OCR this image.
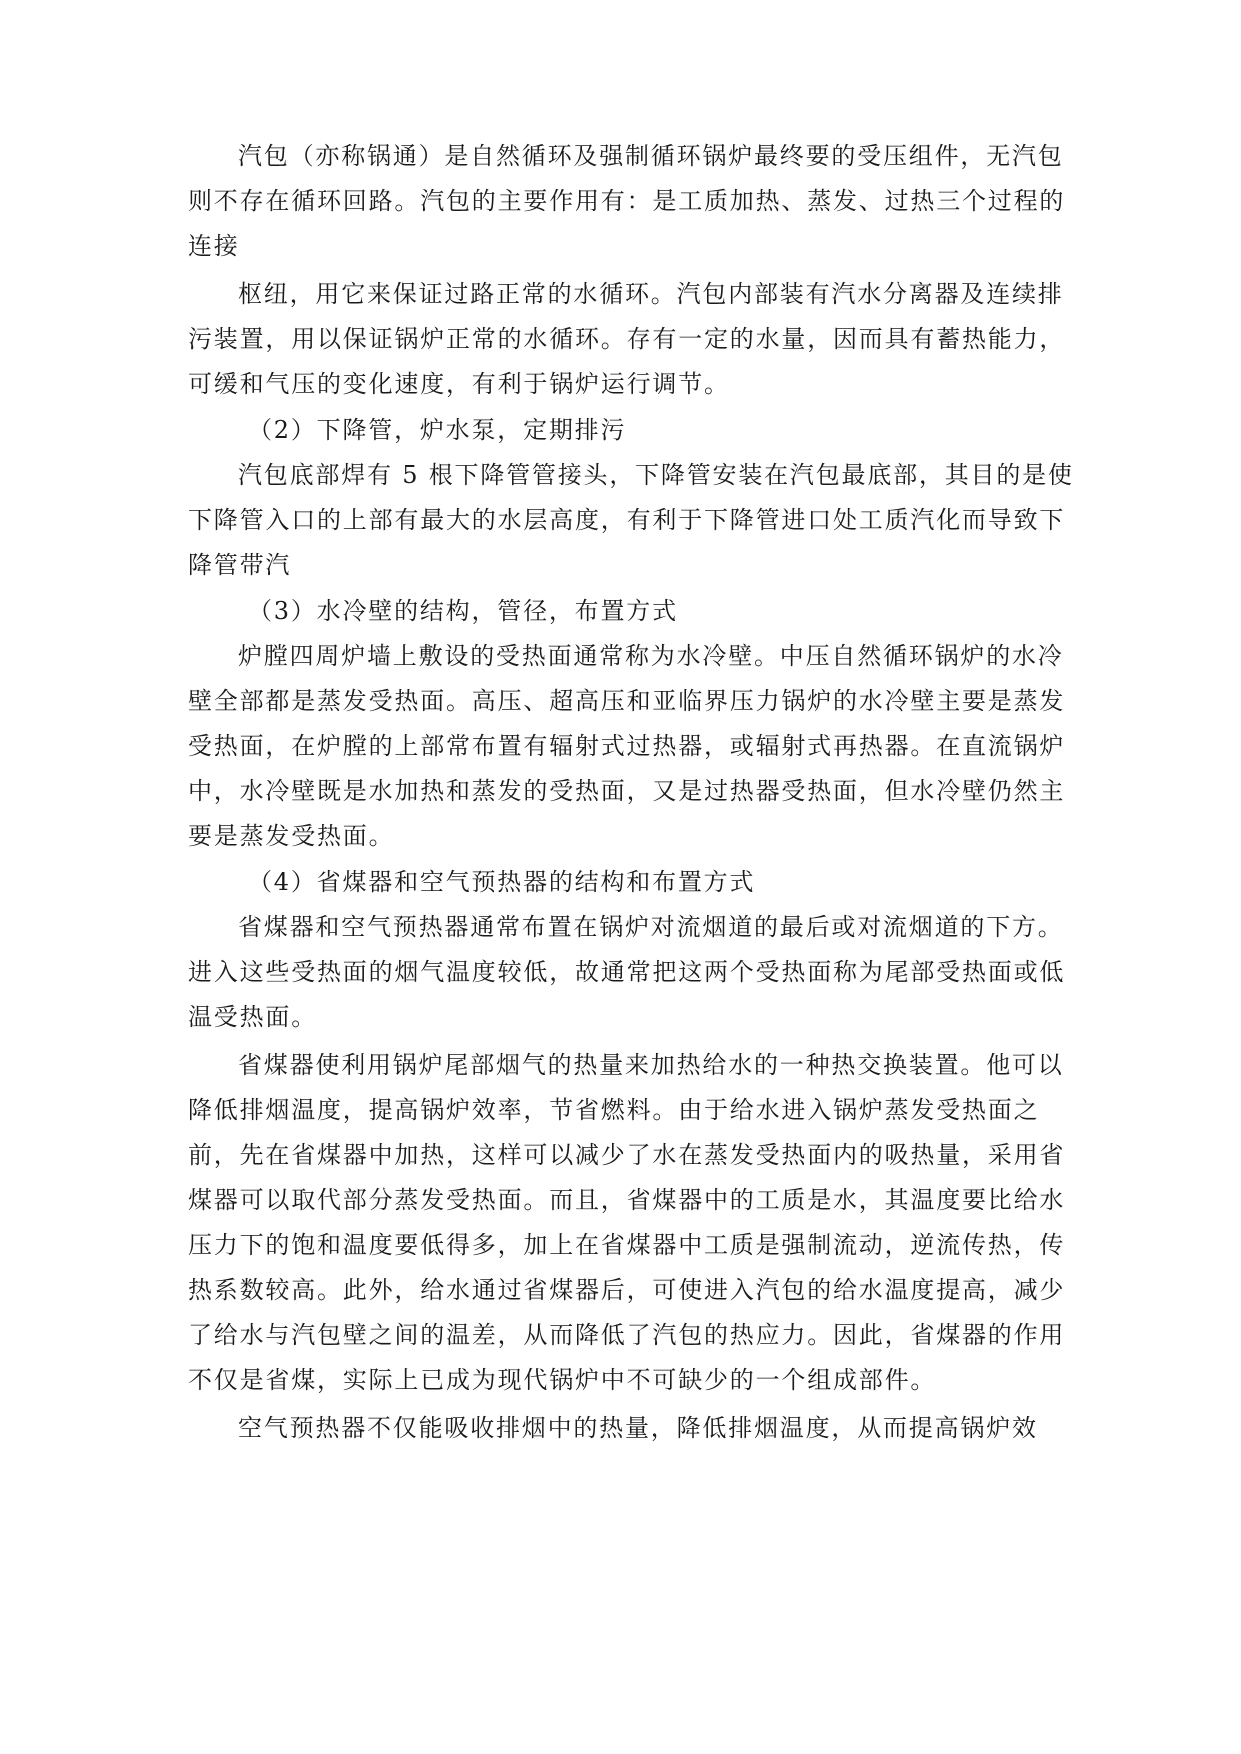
汽包（亦称锅通）是自然循环及强制循环锅炉最终要的受压组件，无汽包
则不存在循环回路。汽包的主要作用有：是工质加热、蒸发、过热三个过程的
连接
枢纽，用它来保证过路正常的水循环。汽包内部装有汽水分离器及连续排
污装置，用以保证锅炉正常的水循环。存有一定的水量，因而具有蓄热能力，
可缓和气压的变化速度，有利于锅炉运行调节。
（2）下降管，炉水泵，定期排污
汽包底部焊有 5 根下降管管接头，下降管安装在汽包最底部，其目的是使
下降管入口的上部有最大的水层高度，有利于下降管进口处工质汽化而导致下
降管带汽
（3）水冷壁的结构，管径，布置方式
炉膛四周炉墙上敷设的受热面通常称为水冷壁。中压自然循环锅炉的水冷
壁全部都是蒸发受热面。高压、超高压和亚临界压力锅炉的水冷壁主要是蒸发
受热面，在炉膛的上部常布置有辐射式过热器，或辐射式再热器。在直流锅炉
中，水冷壁既是水加热和蒸发的受热面，又是过热器受热面，但水冷壁仍然主
要是蒸发受热面。
（4）省煤器和空气预热器的结构和布置方式
省煤器和空气预热器通常布置在锅炉对流烟道的最后或对流烟道的下方。
进入这些受热面的烟气温度较低，故通常把这两个受热面称为尾部受热面或低
温受热面。
省煤器使利用锅炉尾部烟气的热量来加热给水的一种热交换装置。他可以
降低排烟温度，提高锅炉效率，节省燃料。由于给水进入锅炉蒸发受热面之
前，先在省煤器中加热，这样可以减少了水在蒸发受热面内的吸热量，采用省
煤器可以取代部分蒸发受热面。而且，省煤器中的工质是水，其温度要比给水
压力下的饱和温度要低得多，加上在省煤器中工质是强制流动，逆流传热，传
热系数较高。此外，给水通过省煤器后，可使进入汽包的给水温度提高，减少
了给水与汽包壁之间的温差，从而降低了汽包的热应力。因此，省煤器的作用
不仅是省煤，实际上已成为现代锅炉中不可缺少的一个组成部件。
空气预热器不仅能吸收排烟中的热量，降低排烟温度，从而提高锅炉效
